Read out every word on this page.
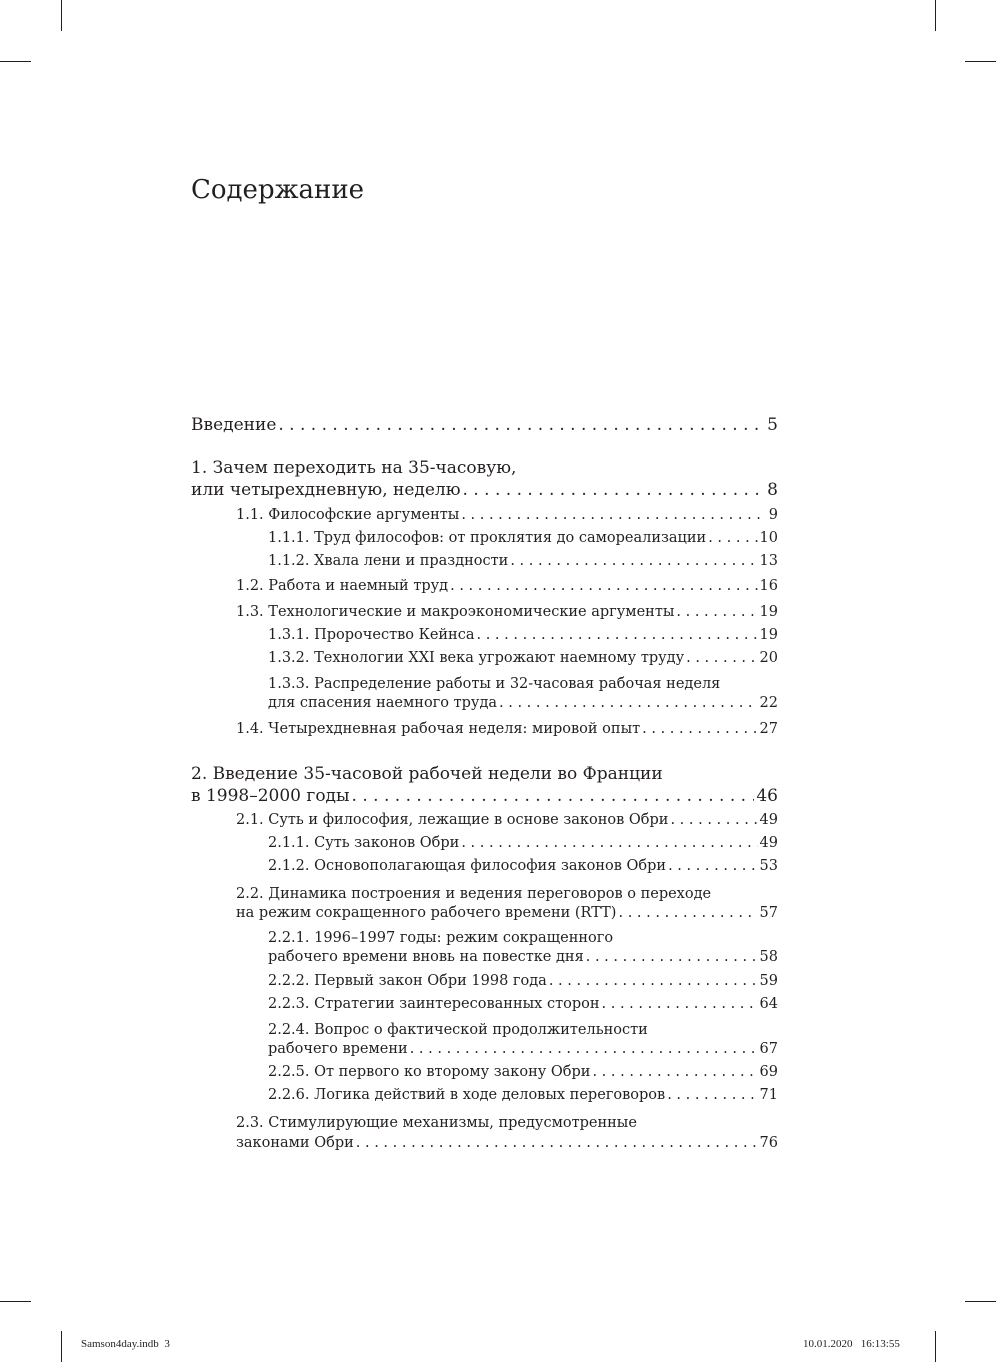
Содержание
Введение . . .	5
1. Зачем переходить на 35-часовую,
или четырехдневную, неделю . . .	8
1.1. Философские аргументы . . .	9
1.1.1. Труд философов: от проклятия до самореализации . . .	10
1.1.2. Хвала лени и праздности . . .	13
1.2. Работа и наемный труд . . .	16
1.3. Технологические и макроэкономические аргументы . . .	19
1.3.1. Пророчество Кейнса . . .	19
1.3.2. Технологии XXI века угрожают наемному труду . . .	20
1.3.3. Распределение работы и 32-часовая рабочая неделя
для спасения наемного труда . . .	22
1.4. Четырехдневная рабочая неделя: мировой опыт . . .	27
2. Введение 35-часовой рабочей недели во Франции
в 1998–2000 годы . . .	46
2.1. Суть и философия, лежащие в основе законов Обри . . .	49
2.1.1. Суть законов Обри . . .	49
2.1.2. Основополагающая философия законов Обри . . .	53
2.2. Динамика построения и ведения переговоров о переходе
на режим сокращенного рабочего времени (RTT) . . .	57
2.2.1. 1996–1997 годы: режим сокращенного
рабочего времени вновь на повестке дня . . .	58
2.2.2. Первый закон Обри 1998 года . . .	59
2.2.3. Стратегии заинтересованных сторон . . .	64
2.2.4. Вопрос о фактической продолжительности
рабочего времени . . .	67
2.2.5. От первого ко второму закону Обри . . .	69
2.2.6. Логика действий в ходе деловых переговоров . . .	71
2.3. Стимулирующие механизмы, предусмотренные
законами Обри . . .	76
Samson4day.indb 3	10.01.2020 16:13:55
